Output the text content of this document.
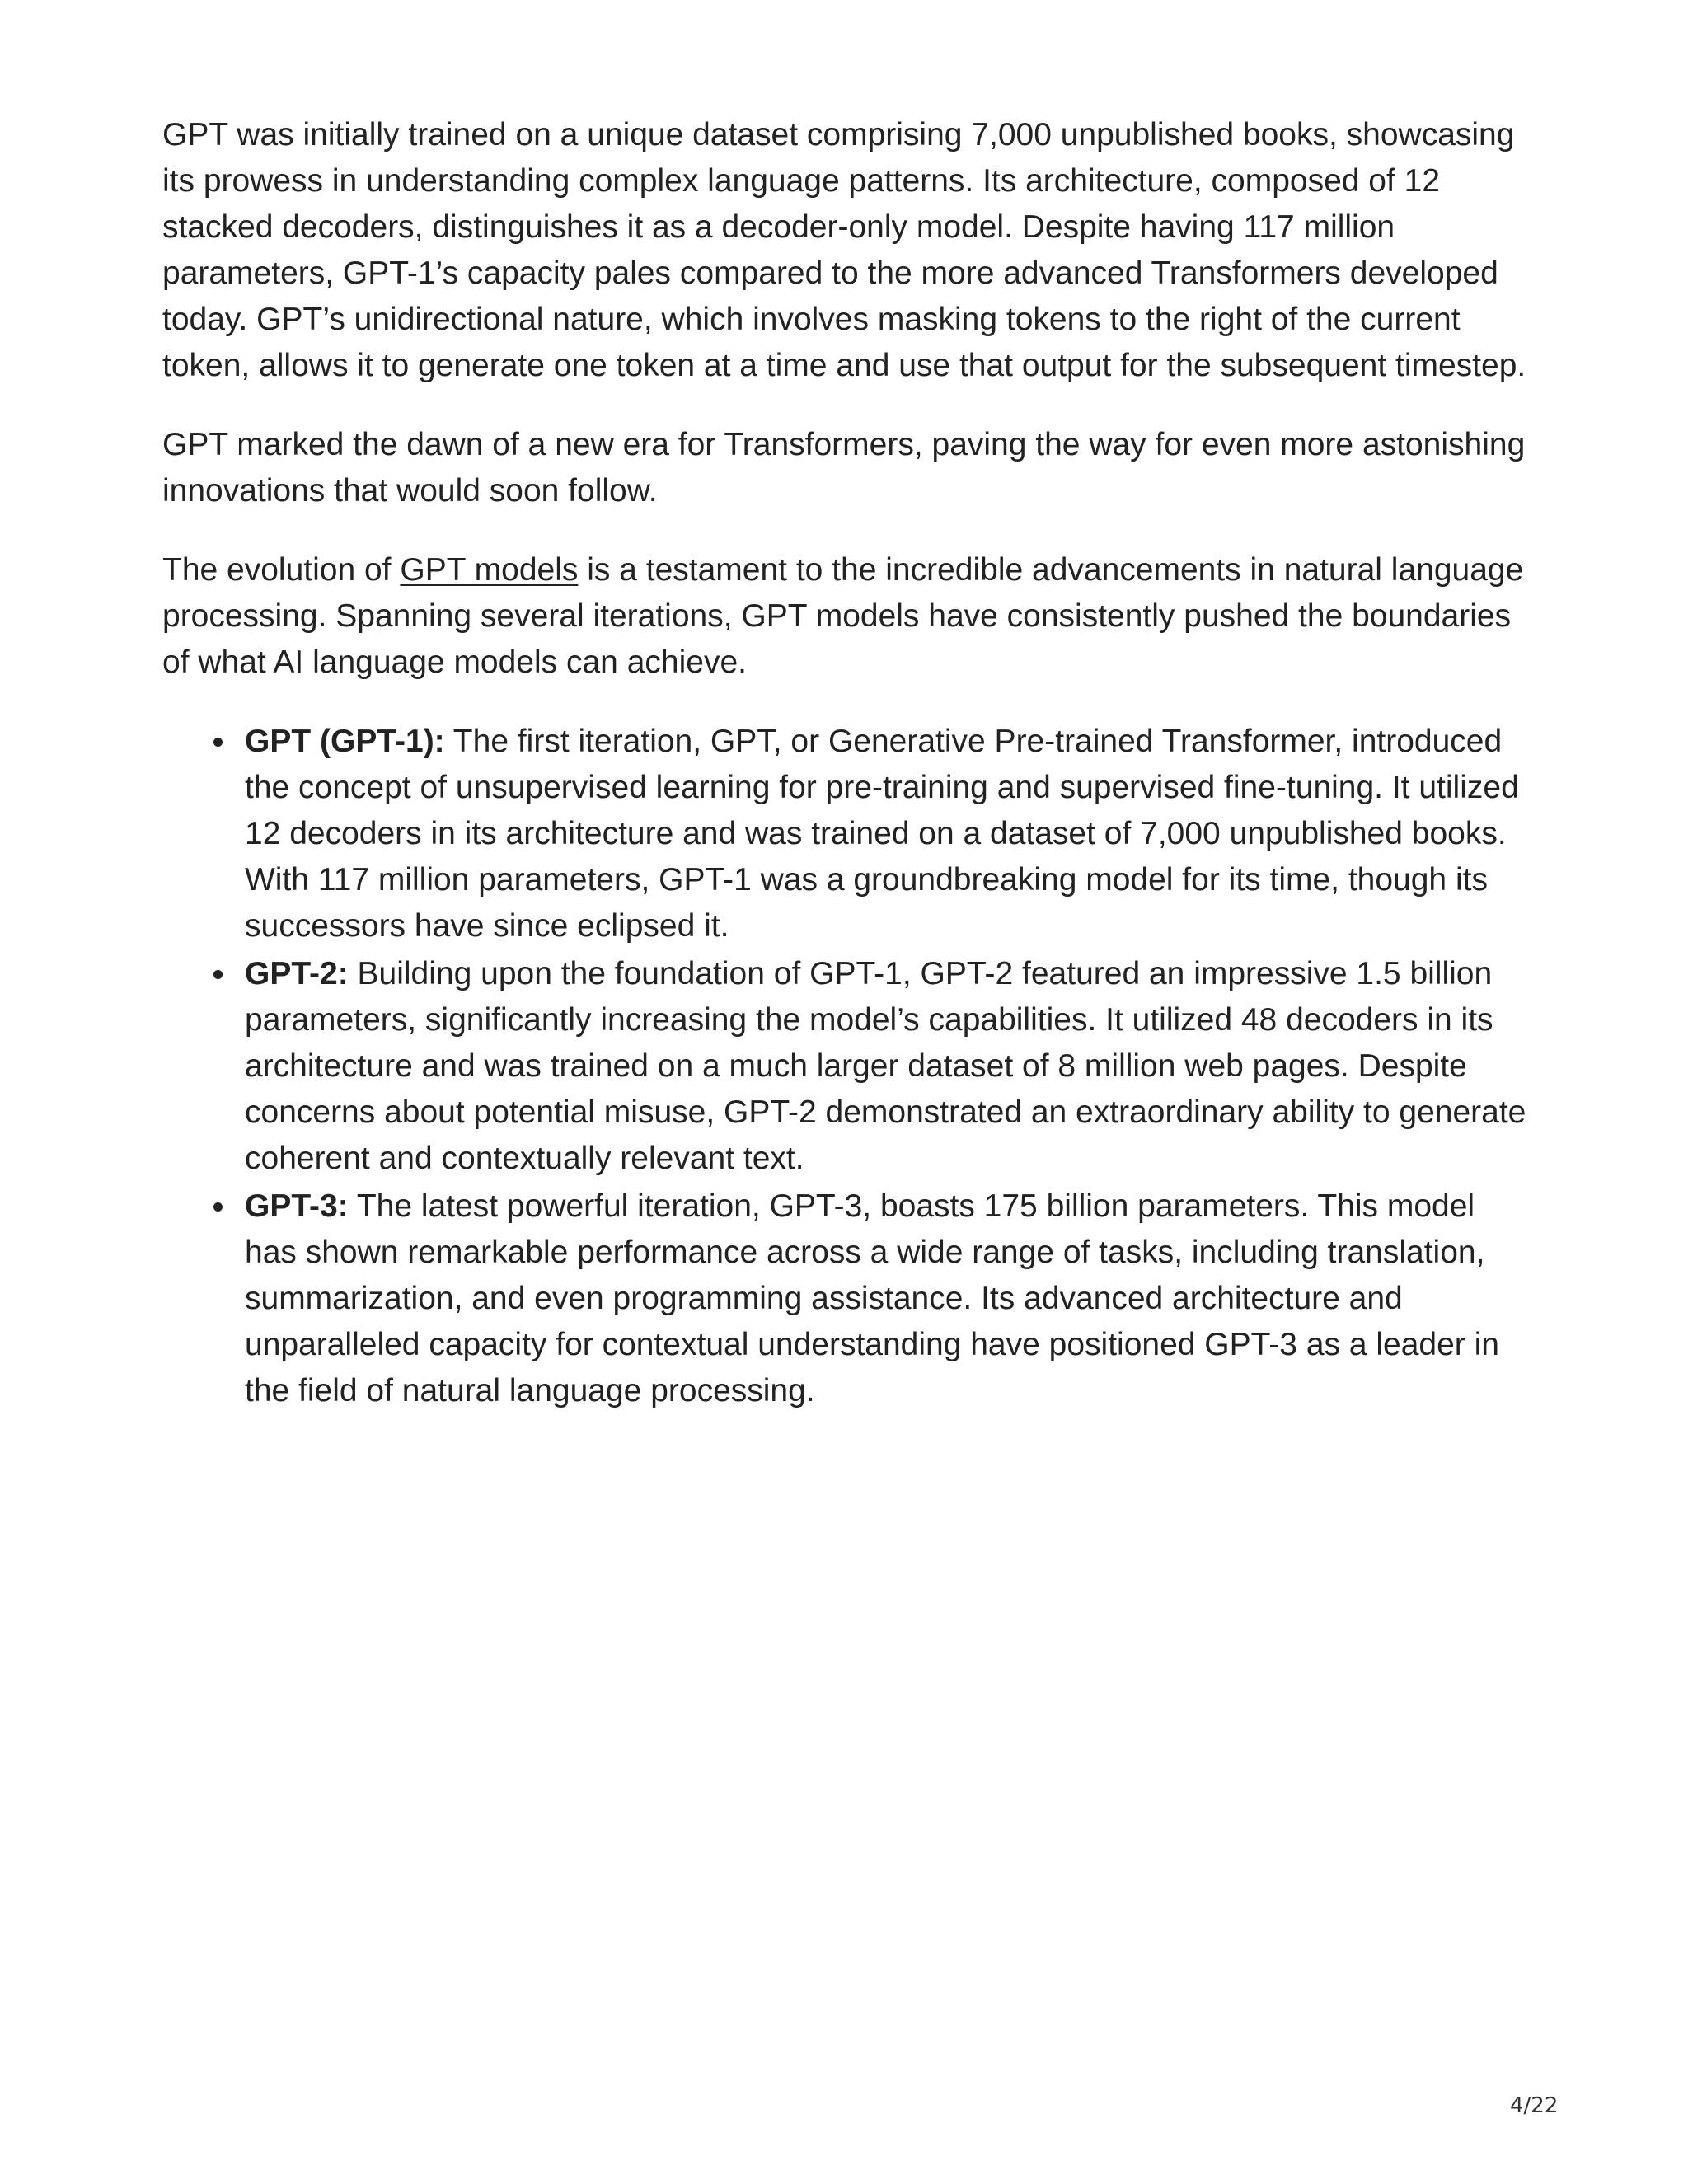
GPT was initially trained on a unique dataset comprising 7,000 unpublished books, showcasing its prowess in understanding complex language patterns. Its architecture, composed of 12 stacked decoders, distinguishes it as a decoder-only model. Despite having 117 million parameters, GPT-1’s capacity pales compared to the more advanced Transformers developed today. GPT’s unidirectional nature, which involves masking tokens to the right of the current token, allows it to generate one token at a time and use that output for the subsequent timestep.

GPT marked the dawn of a new era for Transformers, paving the way for even more astonishing innovations that would soon follow.

The evolution of GPT models is a testament to the incredible advancements in natural language processing. Spanning several iterations, GPT models have consistently pushed the boundaries of what AI language models can achieve.

GPT (GPT-1): The first iteration, GPT, or Generative Pre-trained Transformer, introduced the concept of unsupervised learning for pre-training and supervised fine-tuning. It utilized 12 decoders in its architecture and was trained on a dataset of 7,000 unpublished books. With 117 million parameters, GPT-1 was a groundbreaking model for its time, though its successors have since eclipsed it.
GPT-2: Building upon the foundation of GPT-1, GPT-2 featured an impressive 1.5 billion parameters, significantly increasing the model’s capabilities. It utilized 48 decoders in its architecture and was trained on a much larger dataset of 8 million web pages. Despite concerns about potential misuse, GPT-2 demonstrated an extraordinary ability to generate coherent and contextually relevant text.
GPT-3: The latest powerful iteration, GPT-3, boasts 175 billion parameters. This model has shown remarkable performance across a wide range of tasks, including translation, summarization, and even programming assistance. Its advanced architecture and unparalleled capacity for contextual understanding have positioned GPT-3 as a leader in the field of natural language processing.
4/22
